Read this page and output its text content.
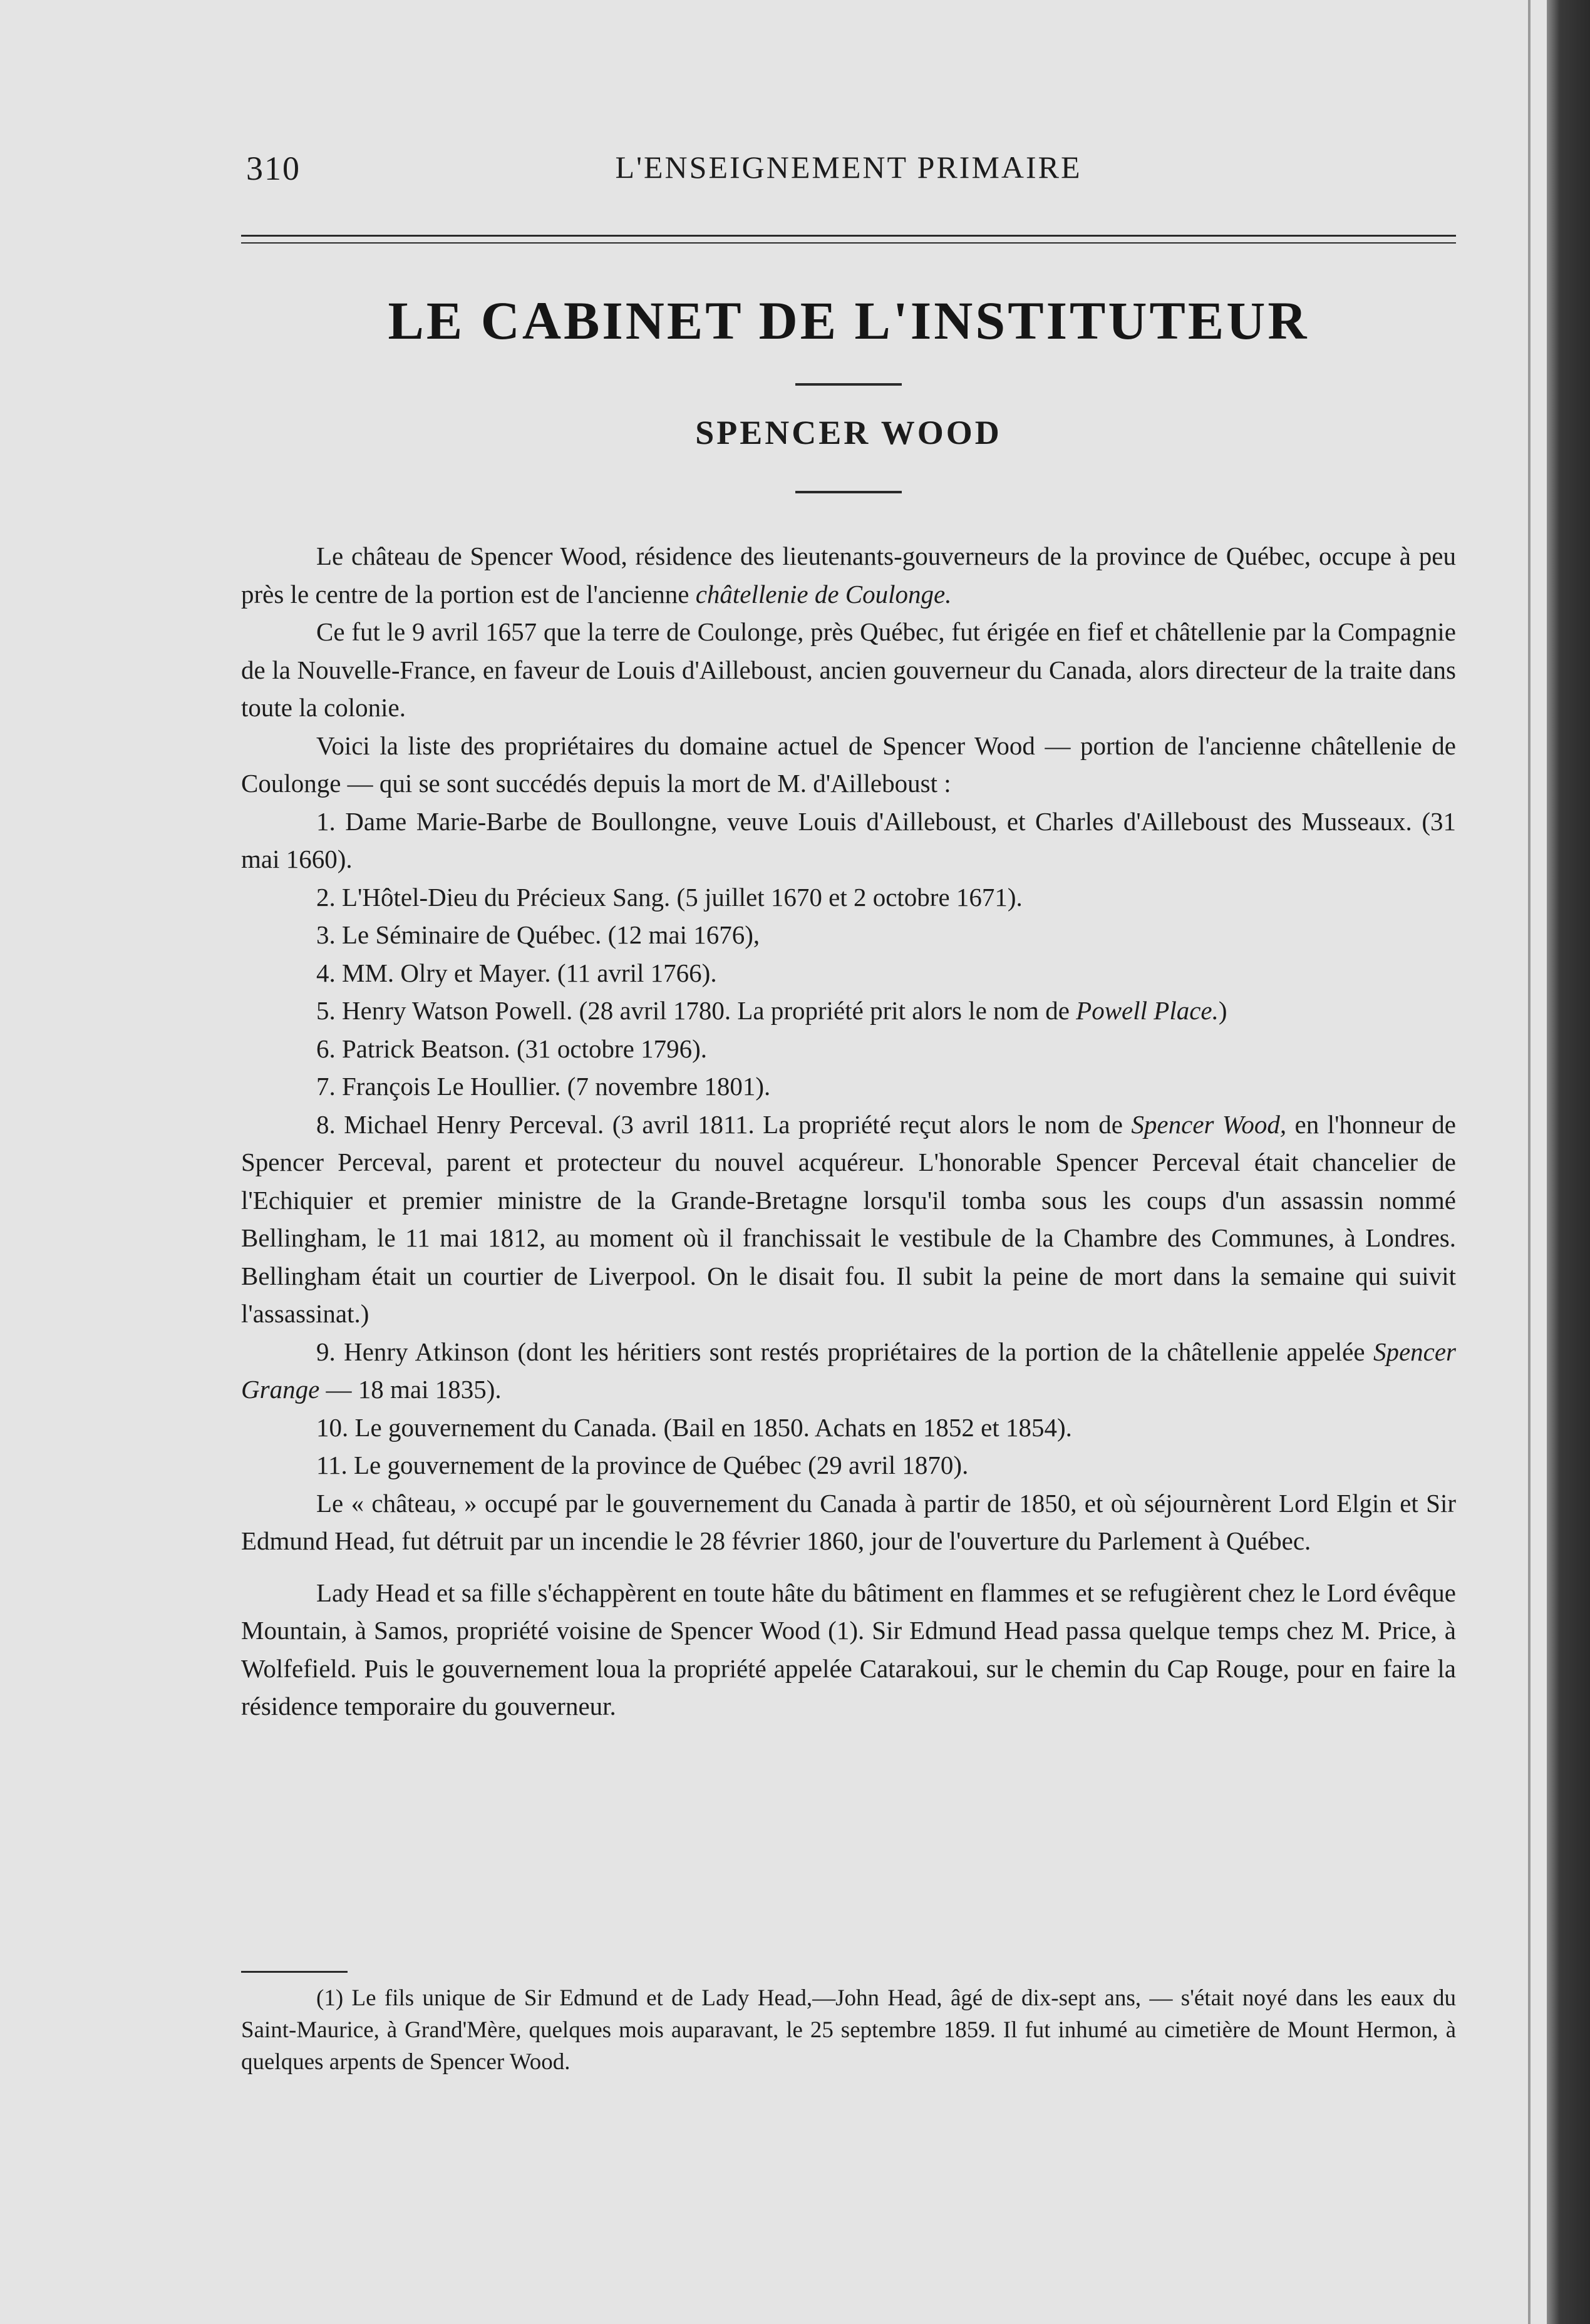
310	L'ENSEIGNEMENT PRIMAIRE
LE CABINET DE L'INSTITUTEUR
SPENCER WOOD

Le château de Spencer Wood, résidence des lieutenants-gouverneurs de la province de Québec, occupe à peu près le centre de la portion est de l'ancienne châtellenie de Coulonge.

Ce fut le 9 avril 1657 que la terre de Coulonge, près Québec, fut érigée en fief et châtellenie par la Compagnie de la Nouvelle-France, en faveur de Louis d'Ailleboust, ancien gouverneur du Canada, alors directeur de la traite dans toute la colonie.

Voici la liste des propriétaires du domaine actuel de Spencer Wood — portion de l'ancienne châtellenie de Coulonge — qui se sont succédés depuis la mort de M. d'Ailleboust :

1. Dame Marie-Barbe de Boullongne, veuve Louis d'Ailleboust, et Charles d'Ailleboust des Musseaux. (31 mai 1660).

2. L'Hôtel-Dieu du Précieux Sang. (5 juillet 1670 et 2 octobre 1671).

3. Le Séminaire de Québec. (12 mai 1676),

4. MM. Olry et Mayer. (11 avril 1766).

5. Henry Watson Powell. (28 avril 1780. La propriété prit alors le nom de Powell Place.)

6. Patrick Beatson. (31 octobre 1796).

7. François Le Houllier. (7 novembre 1801).

8. Michael Henry Perceval. (3 avril 1811. La propriété reçut alors le nom de Spencer Wood, en l'honneur de Spencer Perceval, parent et protecteur du nouvel acquéreur. L'honorable Spencer Perceval était chancelier de l'Echiquier et premier ministre de la Grande-Bretagne lorsqu'il tomba sous les coups d'un assassin nommé Bellingham, le 11 mai 1812, au moment où il franchissait le vestibule de la Chambre des Communes, à Londres. Bellingham était un courtier de Liverpool. On le disait fou. Il subit la peine de mort dans la semaine qui suivit l'assassinat.)

9. Henry Atkinson (dont les héritiers sont restés propriétaires de la portion de la châtellenie appelée Spencer Grange — 18 mai 1835).

10. Le gouvernement du Canada. (Bail en 1850. Achats en 1852 et 1854).

11. Le gouvernement de la province de Québec (29 avril 1870).

Le « château, » occupé par le gouvernement du Canada à partir de 1850, et où séjournèrent Lord Elgin et Sir Edmund Head, fut détruit par un incendie le 28 février 1860, jour de l'ouverture du Parlement à Québec.

Lady Head et sa fille s'échappèrent en toute hâte du bâtiment en flammes et se refugièrent chez le Lord évêque Mountain, à Samos, propriété voisine de Spencer Wood (1). Sir Edmund Head passa quelque temps chez M. Price, à Wolfefield. Puis le gouvernement loua la propriété appelée Catarakoui, sur le chemin du Cap Rouge, pour en faire la résidence temporaire du gouverneur.

(1) Le fils unique de Sir Edmund et de Lady Head,—John Head, âgé de dix-sept ans, — s'était noyé dans les eaux du Saint-Maurice, à Grand'Mère, quelques mois auparavant, le 25 septembre 1859. Il fut inhumé au cimetière de Mount Hermon, à quelques arpents de Spencer Wood.
